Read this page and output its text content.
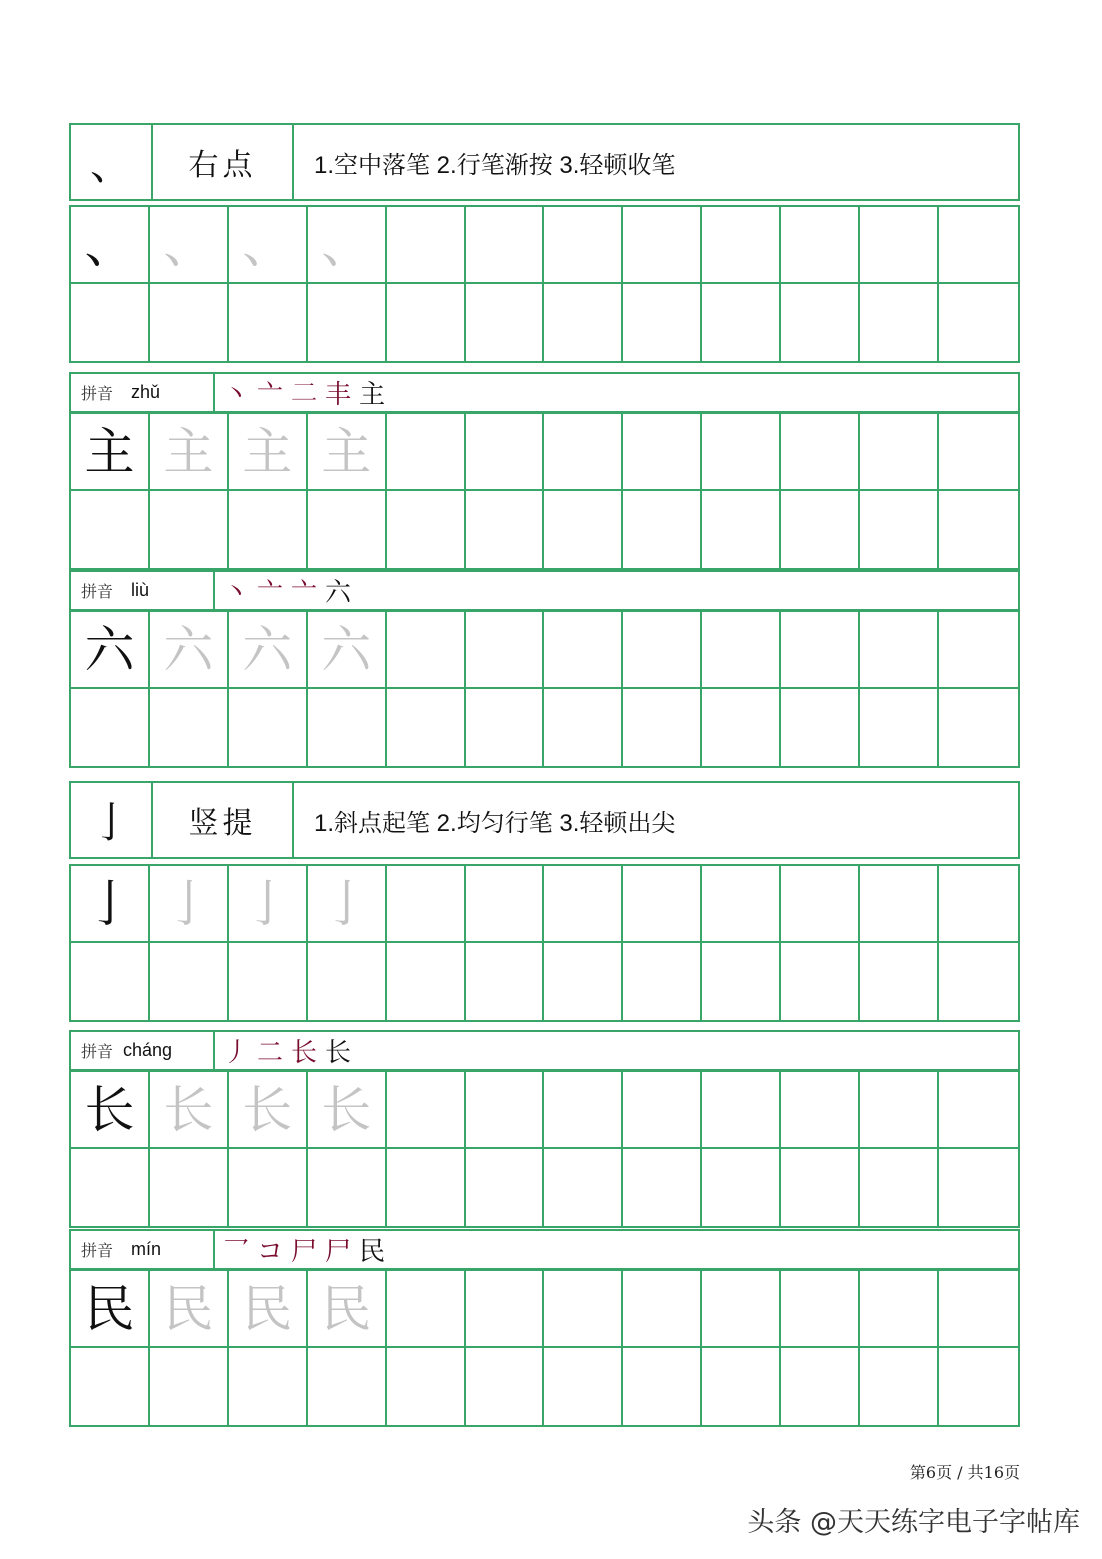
、	右点	1.空中落笔 2.行笔渐按 3.轻顿收笔
、 、 、 、
拼音 zhǔ 丶 亠 𠄞 丰 主
主 主 主 主
拼音 liù	丶 亠 亠 六
六 六 六 六
亅	竖提	1.斜点起笔 2.均匀行笔 3.轻顿出尖
亅 亅 亅 亅
拼音 cháng 丿 二 长 长
长 长 长 长
拼音 mín 乛 コ 尸 尸 民
民 民 民 民
第6页 / 共16页
头条 @天天练字电子字帖库
